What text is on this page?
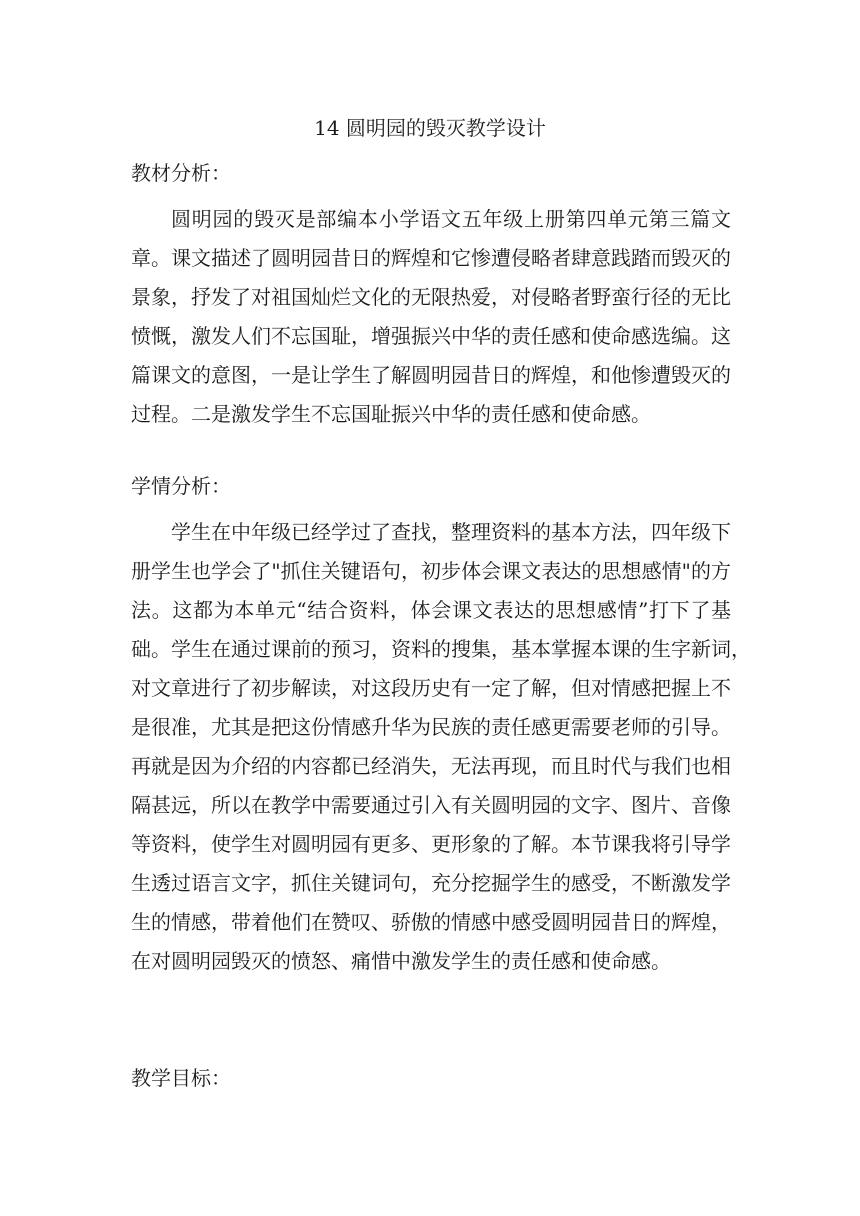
14 圆明园的毁灭教学设计
教材分析：
圆明园的毁灭是部编本小学语文五年级上册第四单元第三篇文
章。课文描述了圆明园昔日的辉煌和它惨遭侵略者肆意践踏而毁灭的
景象，抒发了对祖国灿烂文化的无限热爱，对侵略者野蛮行径的无比
愤慨，激发人们不忘国耻，增强振兴中华的责任感和使命感选编。这
篇课文的意图，一是让学生了解圆明园昔日的辉煌，和他惨遭毁灭的
过程。二是激发学生不忘国耻振兴中华的责任感和使命感。
学情分析：
学生在中年级已经学过了查找，整理资料的基本方法，四年级下
册学生也学会了"抓住关键语句，初步体会课文表达的思想感情"的方
法。这都为本单元“结合资料，体会课文表达的思想感情”打下了基
础。学生在通过课前的预习，资料的搜集，基本掌握本课的生字新词，
对文章进行了初步解读，对这段历史有一定了解，但对情感把握上不
是很准，尤其是把这份情感升华为民族的责任感更需要老师的引导。
再就是因为介绍的内容都已经消失，无法再现，而且时代与我们也相
隔甚远，所以在教学中需要通过引入有关圆明园的文字、图片、音像
等资料，使学生对圆明园有更多、更形象的了解。本节课我将引导学
生透过语言文字，抓住关键词句，充分挖掘学生的感受，不断激发学
生的情感，带着他们在赞叹、骄傲的情感中感受圆明园昔日的辉煌，
在对圆明园毁灭的愤怒、痛惜中激发学生的责任感和使命感。
教学目标：
